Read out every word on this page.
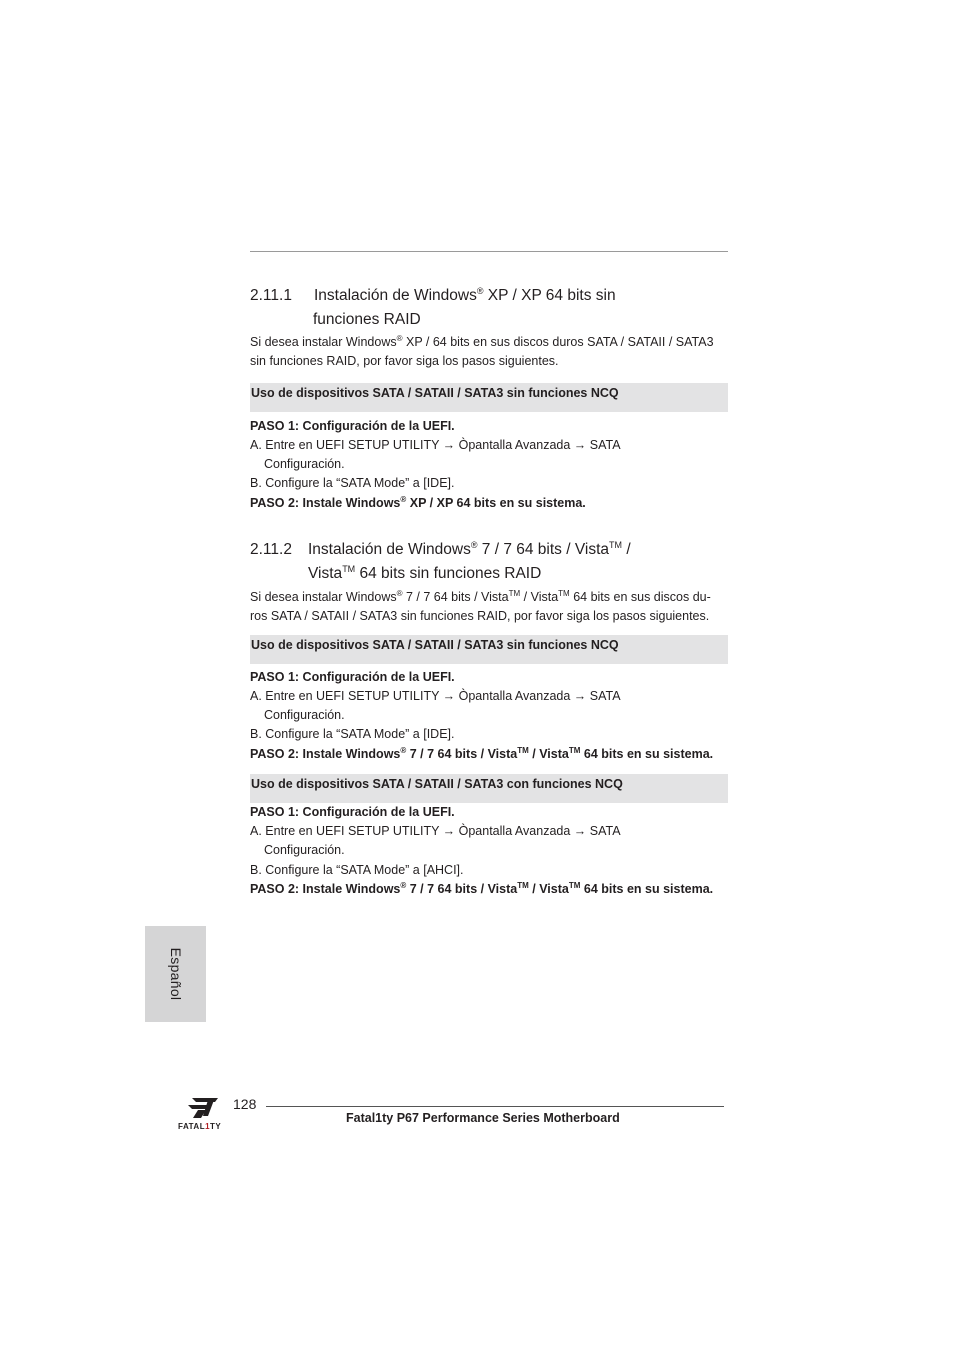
2.11.1 Instalación de Windows® XP / XP 64 bits sin
funciones RAID
Si desea instalar Windows® XP / 64 bits en sus discos duros SATA / SATAII / SATA3
sin funciones RAID, por favor siga los pasos siguientes.
Uso de dispositivos SATA / SATAII / SATA3 sin funciones NCQ
PASO 1: Configuración de la UEFI.
A. Entre en UEFI SETUP UTILITY → Òpantalla Avanzada → SATA
Configuración.
B. Configure la “SATA Mode” a [IDE].
PASO 2: Instale Windows® XP / XP 64 bits en su sistema.
2.11.2 Instalación de Windows® 7 / 7 64 bits / Vista™ /
Vista™ 64 bits sin funciones RAID
Si desea instalar Windows® 7 / 7 64 bits / Vista™ / Vista™ 64 bits en sus discos du-
ros SATA / SATAII / SATA3 sin funciones RAID, por favor siga los pasos siguientes.
Uso de dispositivos SATA / SATAII / SATA3 sin funciones NCQ
PASO 1: Configuración de la UEFI.
A. Entre en UEFI SETUP UTILITY → Òpantalla Avanzada → SATA
Configuración.
B. Configure la “SATA Mode” a [IDE].
PASO 2: Instale Windows® 7 / 7 64 bits / Vista™ / Vista™ 64 bits en su sistema.
Uso de dispositivos SATA / SATAII / SATA3 con funciones NCQ
PASO 1: Configuración de la UEFI.
A. Entre en UEFI SETUP UTILITY → Òpantalla Avanzada → SATA
Configuración.
B. Configure la “SATA Mode” a [AHCI].
PASO 2: Instale Windows® 7 / 7 64 bits / Vista™ / Vista™ 64 bits en su sistema.
Español
FATAL1TY
128
Fatal1ty P67 Performance Series Motherboard
